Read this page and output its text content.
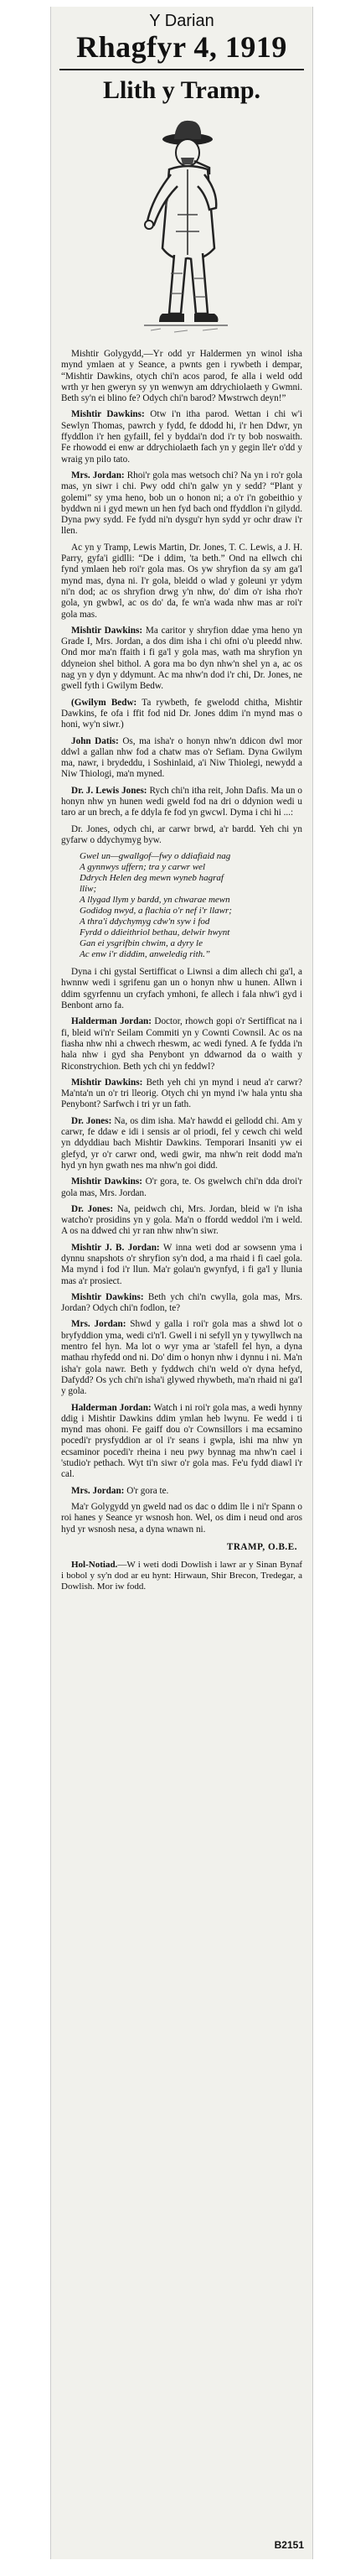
Y Darian
Rhagfyr 4, 1919
Llith y Tramp.

Mishtir Golygydd,—Yr odd yr Haldermen yn winol isha mynd ymlaen at y Seance, a pwnts gen i rywbeth i dempar, “Mishtir Dawkins, otych chi'n acos parod, fe alla i weld odd wrth yr hen gweryn sy yn wenwyn am ddrychiolaeth y Gwmni. Beth sy'n ei blino fe? Odych chi'n barod? Mwstrwch deyn!”

Mishtir Dawkins: Otw i'n itha parod. Wettan i chi w'i Sewlyn Thomas, pawrch y fydd, fe ddodd hi, i'r hen Ddwr, yn ffyddlon i'r hen gyfaill, fel y byddai'n dod i'r ty bob noswaith. Fe rhowodd ei enw ar ddrychiolaeth fach yn y gegin lle'r o'dd y wraig yn pilo tato.

Mrs. Jordan: Rhoi'r gola mas wetsoch chi? Na yn i ro'r gola mas, yn siwr i chi. Pwy odd chi'n galw yn y sedd? “Plant y golemi” sy yma heno, bob un o honon ni; a o'r i'n gobeithio y byddwn ni i gyd mewn un hen fyd bach ond ffyddlon i'n gilydd. Dyna pwy sydd. Fe fydd ni'n dysgu'r hyn sydd yr ochr draw i'r llen.

Ac yn y Tramp, Lewis Martin, Dr. Jones, T. C. Lewis, a J. H. Parry, gyfa'i gidlli: “De i ddim, 'ta beth.” Ond na ellwch chi fynd ymlaen heb roi'r gola mas. Os yw shryfion da sy am ga'l mynd mas, dyna ni. I'r gola, bleidd o wlad y goleuni yr ydym ni'n dod; ac os shryfion drwg y'n nhw, do' dim o'r isha rho'r gola, yn gwbwl, ac os do' da, fe wn'a wada nhw mas ar roi'r gola mas.

Mishtir Dawkins: Ma caritor y shryfion ddae yma heno yn Grade I, Mrs. Jordan, a dos dim isha i chi ofni o'u pleedd nhw. Ond mor ma'n ffaith i fi ga'l y gola mas, wath ma shryfion yn ddyneion shel bithol. A gora ma bo dyn nhw'n shel yn a, ac os nag yn y dyn y ddymunt. Ac ma nhw'n dod i'r chi, Dr. Jones, ne gwell fyth i Gwilym Bedw.

(Gwilym Bedw: Ta rywbeth, fe gwelodd chitha, Mishtir Dawkins, fe ofa i ffit fod nid Dr. Jones ddim i'n mynd mas o honi, wy'n siwr.)

John Datis: Os, ma isha'r o honyn nhw'n ddicon dwl mor ddwl a gallan nhw fod a chatw mas o'r Sefiam. Dyna Gwilym ma, nawr, i brydeddu, i Soshinlaid, a'i Niw Thiolegi, newydd a Niw Thiologi, ma'n myned.

Dr. J. Lewis Jones: Rych chi'n itha reit, John Dafis. Ma un o honyn nhw yn hunen wedi gweld fod na dri o ddynion wedi u taro ar un brech, a fe ddyla fe fod yn gwcwl. Dyma i chi hi ...:

Dr. Jones, odych chi, ar carwr brwd, a'r bardd. Yeh chi yn gyfarw o ddychymyg byw.

Gwel un—gwallgof—fwy o ddiafiaid nag
A gynnwys uffern; tra y carwr wel
Ddrych Helen deg mewn wyneb hagraf
lliw;
A llygad llym y bardd, yn chwarae mewn
Godidog nwyd, a flachia o'r nef i'r llawr;
A thra'i ddychymyg cdw'n syw i fod
Fyrdd o ddieithriol bethau, delwir hwynt
Gan ei ysgrifbin chwim, a dyry le
Ac enw i'r diddim, anweledig rith.”

Dyna i chi gystal Sertifficat o Liwnsi a dim allech chi ga'l, a hwnnw wedi i sgrifenu gan un o honyn nhw u hunen. Allwn i ddim sgyrfennu un cryfach ymhoni, fe allech i fala nhw'i gyd i Benbont arno fa.

Halderman Jordan: Doctor, rhowch gopi o'r Sertifficat na i fi, bleid wi'n'r Seilam Commiti yn y Cownti Cownsil. Ac os na fiasha nhw nhi a chwech rheswm, ac wedi fyned. A fe fydda i'n hala nhw i gyd sha Penybont yn ddwarnod da o waith y Riconstrychion. Beth ych chi yn feddwl?

Mishtir Dawkins: Beth yeh chi yn mynd i neud a'r carwr? Ma'nta'n un o'r tri lleorig. Otych chi yn mynd i'w hala yntu sha Penybont? Sarfwch i tri yr un fath.

Dr. Jones: Na, os dim isha. Ma'r hawdd ei gellodd chi. Am y carwr, fe ddaw e idi i sensis ar ol priodi, fel y cewch chi weld yn ddyddiau bach Mishtir Dawkins. Temporari Insaniti yw ei glefyd, yr o'r carwr ond, wedi gwir, ma nhw'n reit dodd ma'n hyd yn hyn gwath nes ma nhw'n goi didd.

Mishtir Dawkins: O'r gora, te. Os gwelwch chi'n dda droi'r gola mas, Mrs. Jordan.

Dr. Jones: Na, peidwch chi, Mrs. Jordan, bleid w i'n isha watcho'r prosidins yn y gola. Ma'n o ffordd weddol i'm i weld. A os na ddwed chi yr ran nhw nhw'n siwr.

Mishtir J. B. Jordan: W inna weti dod ar sowsenn yma i dynnu snapshots o'r shryfion sy'n dod, a ma rhaid i fi cael gola. Ma mynd i fod i'r llun. Ma'r golau'n gwynfyd, i fi ga'l y llunia mas a'r prosiect.

Mishtir Dawkins: Beth ych chi'n cwylla, gola mas, Mrs. Jordan? Odych chi'n fodlon, te?

Mrs. Jordan: Shwd y galla i roi'r gola mas a shwd lot o bryfyddion yma, wedi ci'n'l. Gwell i ni sefyll yn y tywyllwch na mentro fel hyn. Ma lot o wyr yma ar 'stafell fel hyn, a dyna mathau rhyfedd ond ni. Do' dim o honyn nhw i dynnu i ni. Ma'n isha'r gola nawr. Beth y fyddwch chi'n weld o'r dyna hefyd, Dafydd? Os ych chi'n isha'i glywed rhywbeth, ma'n rhaid ni ga'l y gola.

Halderman Jordan: Watch i ni roi'r gola mas, a wedi hynny ddig i Mishtir Dawkins ddim ymlan heb lwynu. Fe wedd i ti mynd mas ohoni. Fe gaiff dou o'r Cownsillors i ma ecsamino pocedi'r prysfyddion ar ol i'r seans i gwpla, ishi ma nhw yn ecsaminor pocedi'r rheina i neu pwy bynnag ma nhw'n cael i 'studio'r pethach. Wyt ti'n siwr o'r gola mas. Fe'u fydd diawl i'r cal.

Mrs. Jordan: O'r gora te.

Ma'r Golygydd yn gweld nad os dac o ddim lle i ni'r Spann o roi hanes y Seance yr wsnosh hon. Wel, os dim i neud ond aros hyd yr wsnosh nesa, a dyna wnawn ni.

TRAMP, O.B.E.

Hol-Notiad.—W i weti dodi Dowlish i lawr ar y Sinan Bynaf i bobol y sy'n dod ar eu hynt: Hirwaun, Shir Brecon, Tredegar, a Dowlish. Mor iw fodd.

B2151
